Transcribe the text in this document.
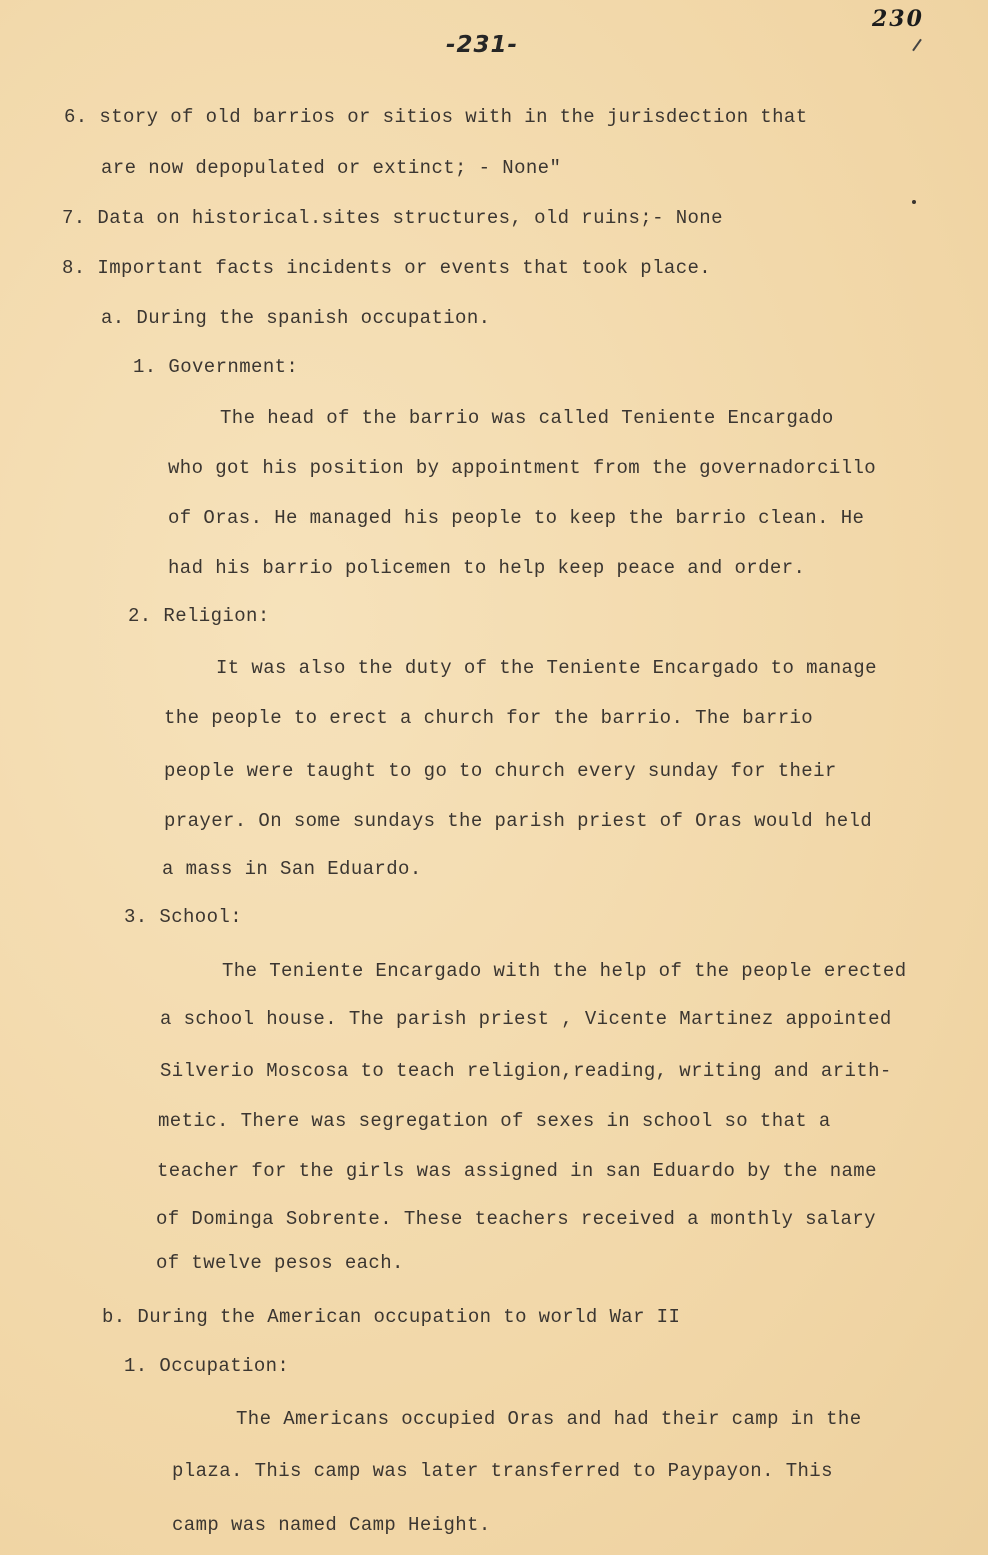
-231-
230
6. story of old barrios or sitios with in the jurisdection that
are now depopulated or extinct; - None"
7. Data on historical.sites structures, old ruins;- None
8. Important facts incidents or events that took place.
a. During the spanish occupation.
1. Government:
The head of the barrio was called Teniente Encargado
who got his position by appointment from the governadorcillo
of Oras. He managed his people to keep the barrio clean. He
had his barrio policemen to help keep peace and order.
2. Religion:
It was also the duty of the Teniente Encargado to manage
the people to erect a church for the barrio. The barrio
people were taught to go to church every sunday for their
prayer. On some sundays the parish priest of Oras would held
a mass in San Eduardo.
3. School:
The Teniente Encargado with the help of the people erected
a school house. The parish priest , Vicente Martinez appointed
Silverio Moscosa to teach religion,reading, writing and arith-
metic. There was segregation of sexes in school so that a
teacher for the girls was assigned in san Eduardo by the name
of Dominga Sobrente. These teachers received a monthly salary
of twelve pesos each.
b. During the American occupation to world War II
1. Occupation:
The Americans occupied Oras and had their camp in the
plaza. This camp was later transferred to Paypayon. This
camp was named Camp Height.
